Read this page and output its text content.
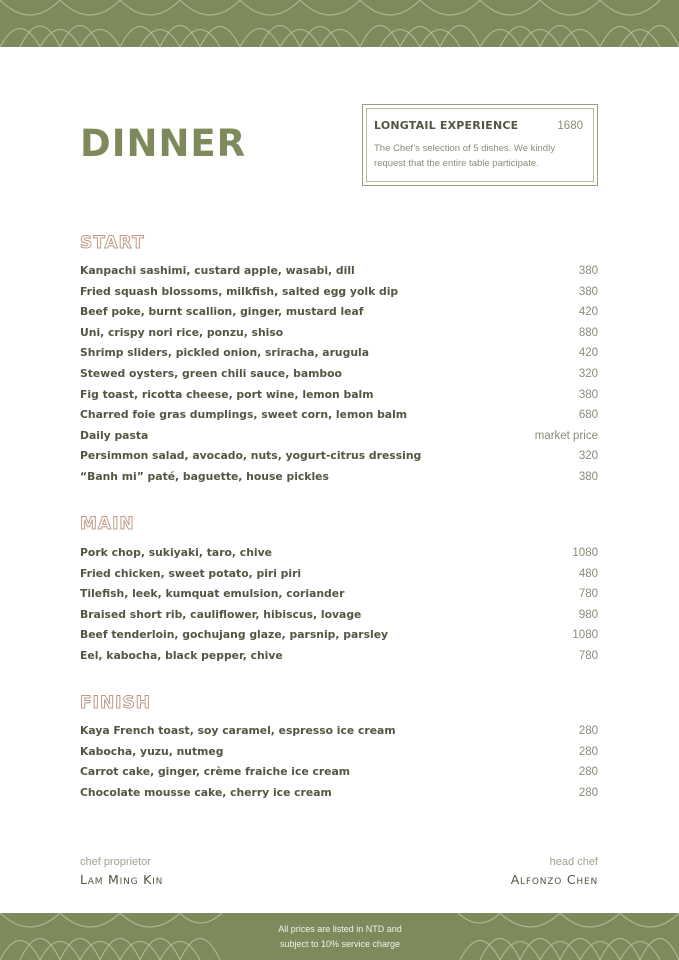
DINNER	LONGTAIL EXPERIENCE	1680
The Chef’s selection of 5 dishes. We kindly request that the entire table participate.
START
Kanpachi sashimi, custard apple, wasabi, dill	380
Fried squash blossoms, milkfish, salted egg yolk dip	380
Beef poke, burnt scallion, ginger, mustard leaf	420
Uni, crispy nori rice, ponzu, shiso	880
Shrimp sliders, pickled onion, sriracha, arugula	420
Stewed oysters, green chili sauce, bamboo	320
Fig toast, ricotta cheese, port wine, lemon balm	380
Charred foie gras dumplings, sweet corn, lemon balm	680
Daily pasta	market price
Persimmon salad, avocado, nuts, yogurt-citrus dressing	320
“Banh mi” paté, baguette, house pickles	380
MAIN
Pork chop, sukiyaki, taro, chive	1080
Fried chicken, sweet potato, piri piri	480
Tilefish, leek, kumquat emulsion, coriander	780
Braised short rib, cauliflower, hibiscus, lovage	980
Beef tenderloin, gochujang glaze, parsnip, parsley	1080
Eel, kabocha, black pepper, chive	780
FINISH
Kaya French toast, soy caramel, espresso ice cream	280
Kabocha, yuzu, nutmeg	280
Carrot cake, ginger, crème fraiche ice cream	280
Chocolate mousse cake, cherry ice cream	280
chef proprietor
Lam Ming Kin
head chef
Alfonzo Chen
All prices are listed in NTD and
subject to 10% service charge
